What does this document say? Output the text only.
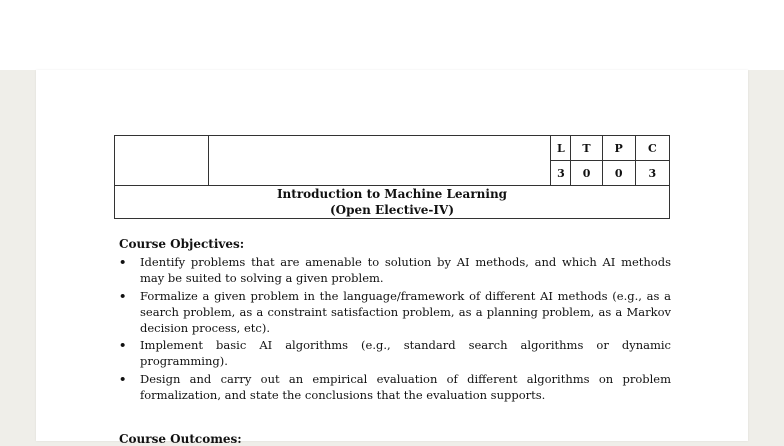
		L	T	P	C
		3	0	0	3

Introduction to Machine Learning
(Open Elective-IV)					
Course Objectives:
• Identify problems that are amenable to solution by AI methods, and which AI methods may be suited to solving a given problem.
• Formalize a given problem in the language/framework of different AI methods (e.g., as a search problem, as a constraint satisfaction problem, as a planning problem, as a Markov decision process, etc).
• Implement basic AI algorithms (e.g., standard search algorithms or dynamic programming).
• Design and carry out an empirical evaluation of different algorithms on problem formalization, and state the conclusions that the evaluation supports.
Course Outcomes:
